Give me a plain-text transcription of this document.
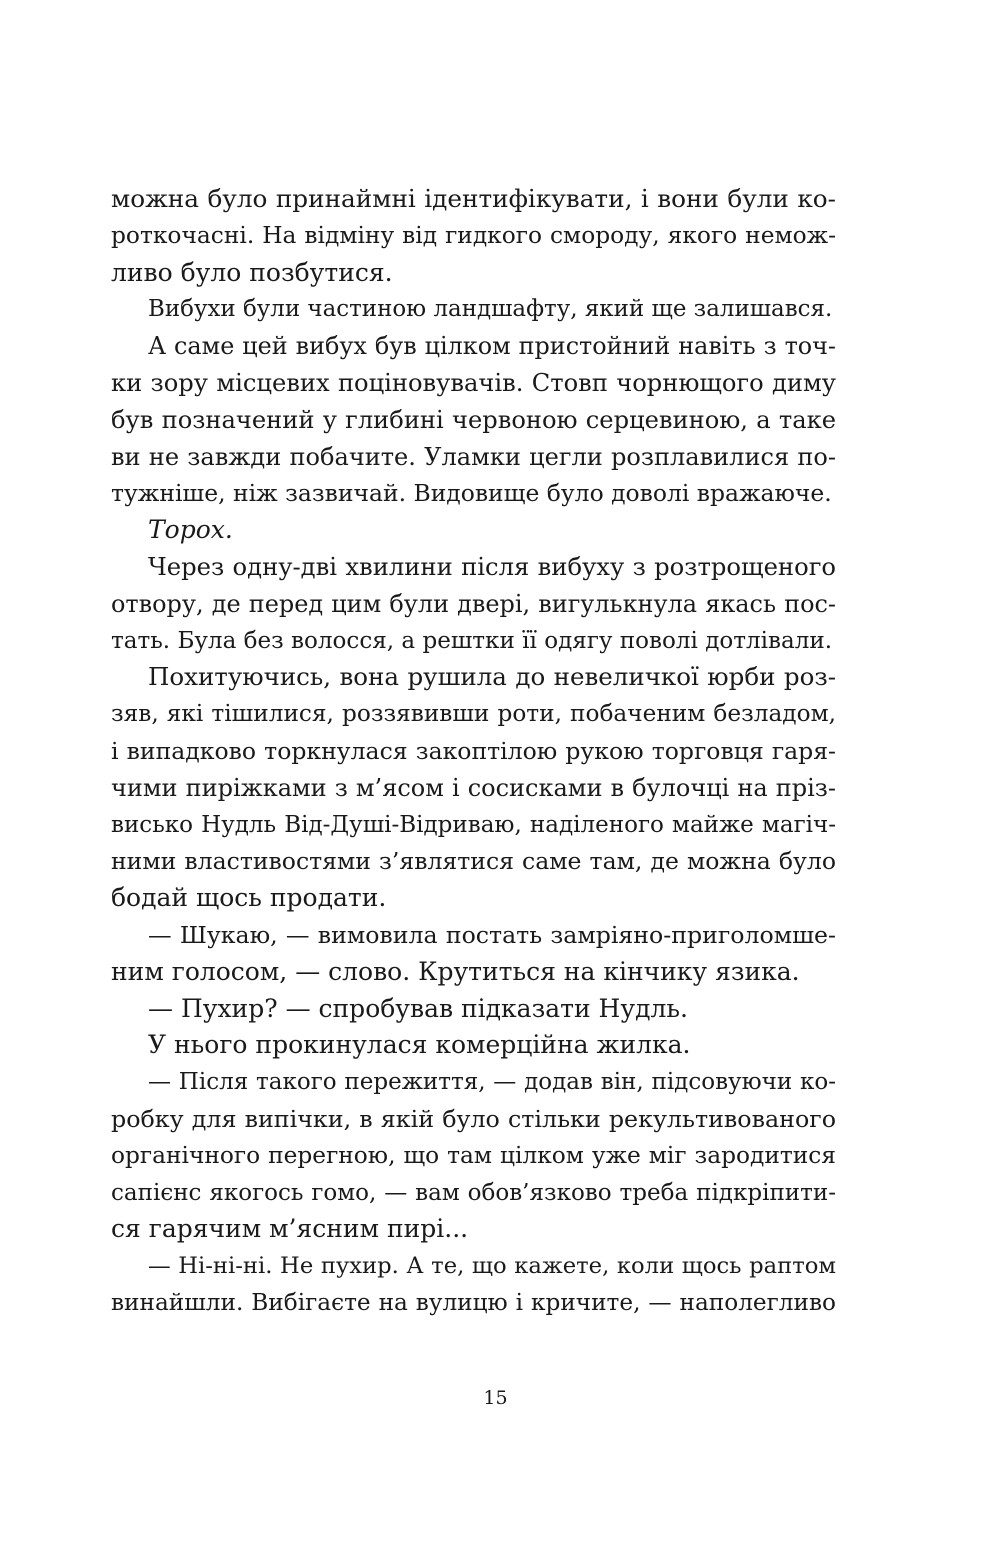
можна було принаймні ідентифікувати, і вони були ко-
роткочасні. На відміну від гидкого смороду, якого немож-
ливо було позбутися.
Вибухи були частиною ландшафту, який ще залишався.
А саме цей вибух був цілком пристойний навіть з точ-
ки зору місцевих поціновувачів. Стовп чорнющого диму
був позначений у глибині червоною серцевиною, а таке
ви не завжди побачите. Уламки цегли розплавилися по-
тужніше, ніж зазвичай. Видовище було доволі вражаюче.
Торох.
Через одну-дві хвилини після вибуху з розтрощеного
отвору, де перед цим були двері, вигулькнула якась пос-
тать. Була без волосся, а рештки її одягу поволі дотлівали.
Похитуючись, вона рушила до невеличкої юрби роз-
зяв, які тішилися, роззявивши роти, побаченим безладом,
і випадково торкнулася закоптілою рукою торговця гаря-
чими пиріжками з м’ясом і сосисками в булочці на пріз-
висько Нудль Від-Душі-Відриваю, наділеного майже магіч-
ними властивостями з’являтися саме там, де можна було
бодай щось продати.
— Шукаю, — вимовила постать замріяно-приголомше-
ним голосом, — слово. Крутиться на кінчику язика.
— Пухир? — спробував підказати Нудль.
У нього прокинулася комерційна жилка.
— Після такого пережиття, — додав він, підсовуючи ко-
робку для випічки, в якій було стільки рекультивованого
органічного перегною, що там цілком уже міг зародитися
сапієнс якогось гомо, — вам обов’язково треба підкріпити-
ся гарячим м’ясним пирі...
— Ні-ні-ні. Не пухир. А те, що кажете, коли щось раптом
винайшли. Вибігаєте на вулицю і кричите, — наполегливо
15
